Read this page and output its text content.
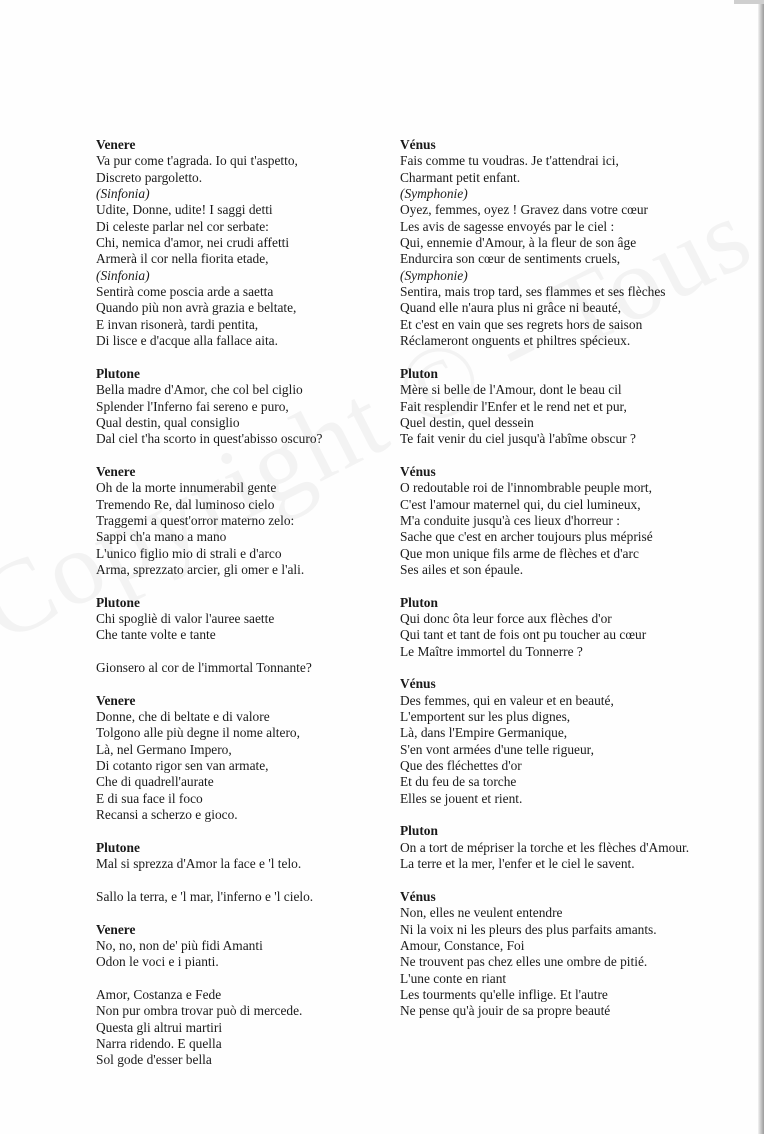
Venere
Va pur come t'agrada. Io qui t'aspetto,
Discreto pargoletto.
(Sinfonia)
Udite, Donne, udite! I saggi detti
Di celeste parlar nel cor serbate:
Chi, nemica d'amor, nei crudi affetti
Armerà il cor nella fiorita etade,
(Sinfonia)
Sentirà come poscia arde a saetta
Quando più non avrà grazia e beltate,
E invan risonerà, tardi pentita,
Di lisce e d'acque alla fallace aita.
Plutone
Bella madre d'Amor, che col bel ciglio
Splender l'Inferno fai sereno e puro,
Qual destin, qual consiglio
Dal ciel t'ha scorto in quest'abisso oscuro?
Venere
Oh de la morte innumerabil gente
Tremendo Re, dal luminoso cielo
Traggemi a quest'orror materno zelo:
Sappi ch'a mano a mano
L'unico figlio mio di strali e d'arco
Arma, sprezzato arcier, gli omer e l'ali.
Plutone
Chi spogliè di valor l'auree saette
Che tante volte e tante
Gionsero al cor de l'immortal Tonnante?
Venere
Donne, che di beltate e di valore
Tolgono alle più degne il nome altero,
Là, nel Germano Impero,
Di cotanto rigor sen van armate,
Che di quadrell'aurate
E di sua face il foco
Recansi a scherzo e gioco.
Plutone
Mal si sprezza d'Amor la face e 'l telo.
Sallo la terra, e 'l mar, l'inferno e 'l cielo.
Venere
No, no, non de' più fidi Amanti
Odon le voci e i pianti.
Amor, Costanza e Fede
Non pur ombra trovar può di mercede.
Questa gli altrui martiri
Narra ridendo. E quella
Sol gode d'esser bella
Vénus
Fais comme tu voudras. Je t'attendrai ici,
Charmant petit enfant.
(Symphonie)
Oyez, femmes, oyez ! Gravez dans votre cœur
Les avis de sagesse envoyés par le ciel :
Qui, ennemie d'Amour, à la fleur de son âge
Endurcira son cœur de sentiments cruels,
(Symphonie)
Sentira, mais trop tard, ses flammes et ses flèches
Quand elle n'aura plus ni grâce ni beauté,
Et c'est en vain que ses regrets hors de saison
Réclameront onguents et philtres spécieux.
Pluton
Mère si belle de l'Amour, dont le beau cil
Fait resplendir l'Enfer et le rend net et pur,
Quel destin, quel dessein
Te fait venir du ciel jusqu'à l'abîme obscur ?
Vénus
O redoutable roi de l'innombrable peuple mort,
C'est l'amour maternel qui, du ciel lumineux,
M'a conduite jusqu'à ces lieux d'horreur :
Sache que c'est en archer toujours plus méprisé
Que mon unique fils arme de flèches et d'arc
Ses ailes et son épaule.
Pluton
Qui donc ôta leur force aux flèches d'or
Qui tant et tant de fois ont pu toucher au cœur
Le Maître immortel du Tonnerre ?
Vénus
Des femmes, qui en valeur et en beauté,
L'emportent sur les plus dignes,
Là, dans l'Empire Germanique,
S'en vont armées d'une telle rigueur,
Que des fléchettes d'or
Et du feu de sa torche
Elles se jouent et rient.
Pluton
On a tort de mépriser la torche et les flèches d'Amour.
La terre et la mer, l'enfer et le ciel le savent.
Vénus
Non, elles ne veulent entendre
Ni la voix ni les pleurs des plus parfaits amants.
Amour, Constance, Foi
Ne trouvent pas chez elles une ombre de pitié.
L'une conte en riant
Les tourments qu'elle inflige. Et l'autre
Ne pense qu'à jouir de sa propre beauté
